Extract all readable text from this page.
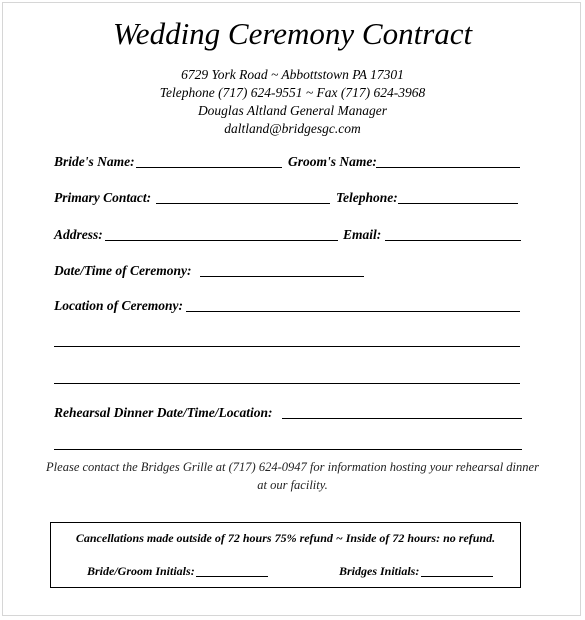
Wedding Ceremony Contract
6729 York Road ~ Abbottstown PA 17301
Telephone (717) 624-9551 ~ Fax (717) 624-3968
Douglas Altland General Manager
daltland@bridgesgc.com
Bride's Name:	Groom's Name:
Primary Contact:	Telephone:
Address:	Email:
Date/Time of Ceremony:
Location of Ceremony:
Rehearsal Dinner Date/Time/Location:
Please contact the Bridges Grille at (717) 624-0947 for information hosting your rehearsal dinner at our facility.
Cancellations made outside of 72 hours 75% refund ~ Inside of 72 hours: no refund.
Bride/Groom Initials:	Bridges Initials:
